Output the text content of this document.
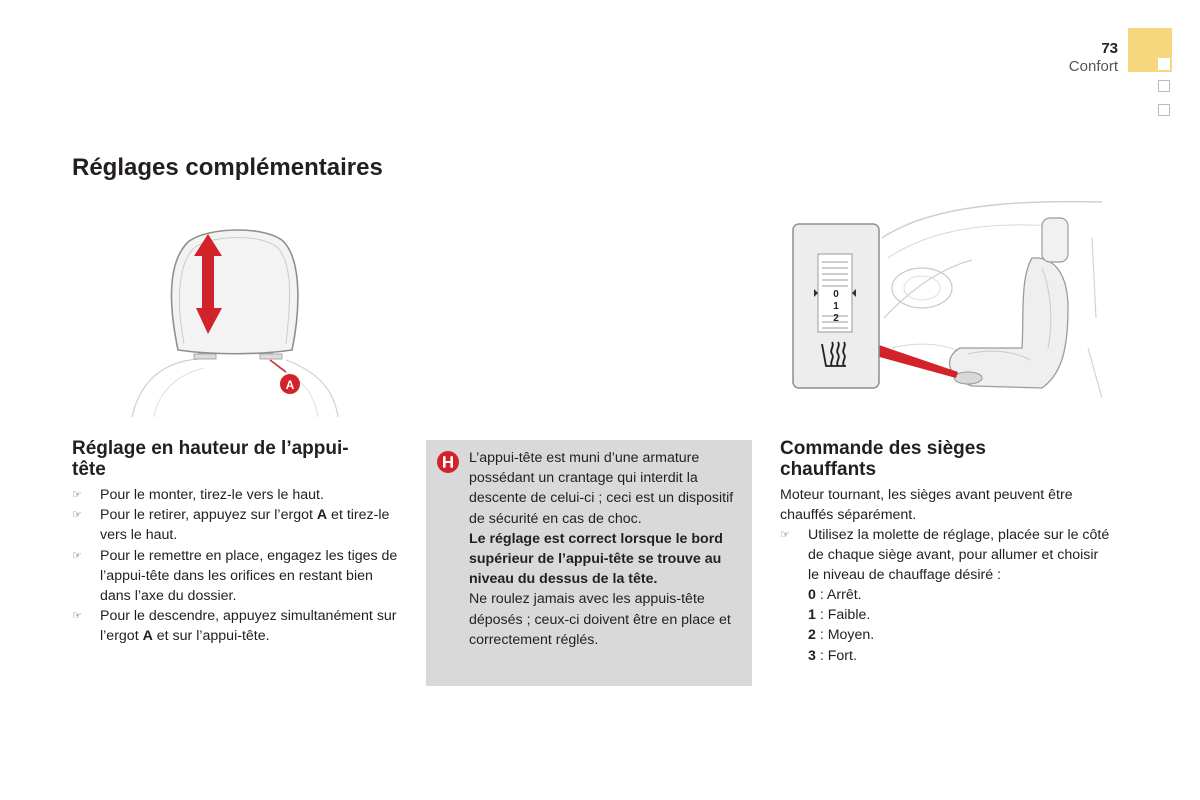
73
Confort
Réglages complémentaires
A
0
1
2
Réglage en hauteur de l’appui-tête
☞ Pour le monter, tirez-le vers le haut.
☞ Pour le retirer, appuyez sur l’ergot A et tirez-le vers le haut.
☞ Pour le remettre en place, engagez les tiges de l’appui-tête dans les orifices en restant bien dans l’axe du dossier.
☞ Pour le descendre, appuyez simultanément sur l’ergot A et sur l’appui-tête.

L’appui-tête est muni d’une armature possédant un crantage qui interdit la descente de celui-ci ; ceci est un dispositif de sécurité en cas de choc.

Le réglage est correct lorsque le bord supérieur de l’appui-tête se trouve au niveau du dessus de la tête.

Ne roulez jamais avec les appuis-tête déposés ; ceux-ci doivent être en place et correctement réglés.

Commande des sièges chauffants

Moteur tournant, les sièges avant peuvent être chauffés séparément.

☞ Utilisez la molette de réglage, placée sur le côté de chaque siège avant, pour allumer et choisir le niveau de chauffage désiré :
0 : Arrêt.
1 : Faible.
2 : Moyen.
3 : Fort.
